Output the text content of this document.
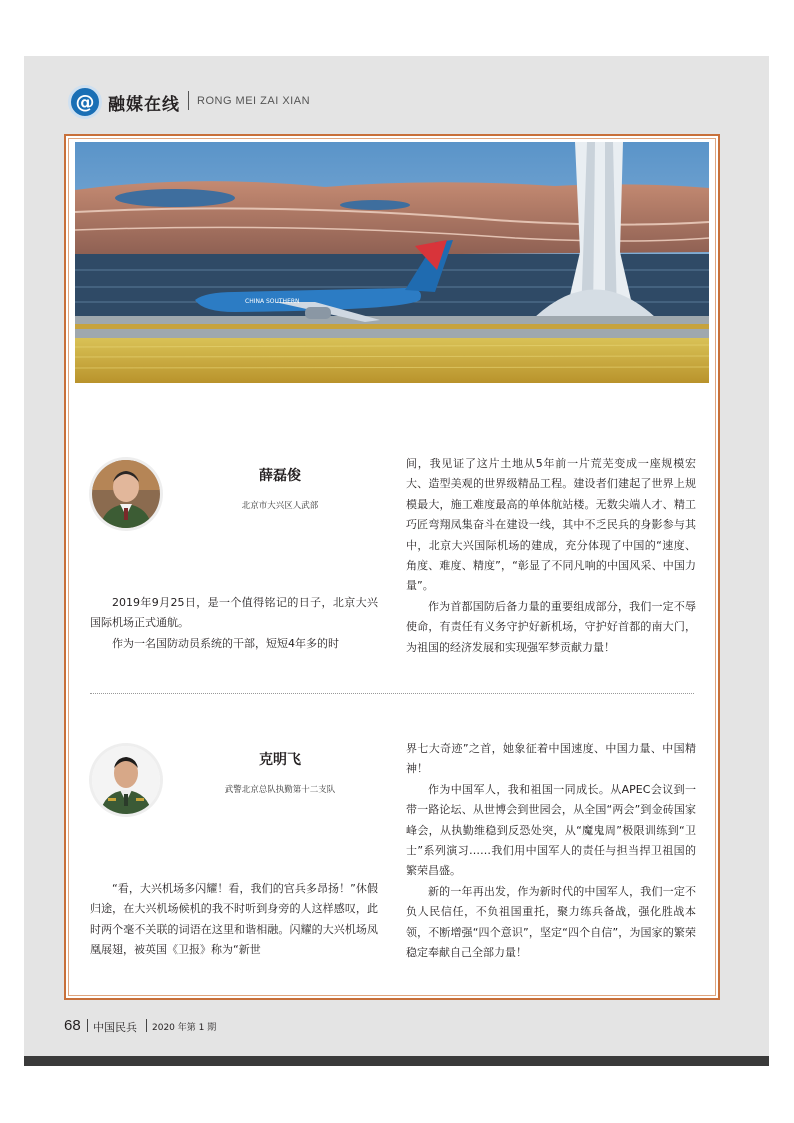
@ 融媒在线 RONG MEI ZAI XIAN
CHINA SOUTHERN
薛磊俊
北京市大兴区人武部

2019年9月25日，是一个值得铭记的日子，北京大兴国际机场正式通航。

作为一名国防动员系统的干部，短短4年多的时

间，我见证了这片土地从5年前一片荒芜变成一座规模宏大、造型美观的世界级精品工程。建设者们建起了世界上规模最大，施工难度最高的单体航站楼。无数尖端人才、精工巧匠弯翔凤集奋斗在建设一线，其中不乏民兵的身影参与其中，北京大兴国际机场的建成，充分体现了中国的“速度、角度、难度、精度”，“彰显了不同凡响的中国风采、中国力量”。

作为首都国防后备力量的重要组成部分，我们一定不辱使命，有责任有义务守护好新机场，守护好首都的南大门，为祖国的经济发展和实现强军梦贡献力量！

克明飞
武警北京总队执勤第十二支队

“看，大兴机场多闪耀！看，我们的官兵多昂扬！”休假归途，在大兴机场候机的我不时听到身旁的人这样感叹，此时两个毫不关联的词语在这里和谐相融。闪耀的大兴机场凤凰展翅，被英国《卫报》称为“新世

界七大奇迹”之首，她象征着中国速度、中国力量、中国精神！

作为中国军人，我和祖国一同成长。从APEC会议到一带一路论坛、从世博会到世园会，从全国“两会”到金砖国家峰会，从执勤维稳到反恐处突，从“魔鬼周”极限训练到“卫士”系列演习……我们用中国军人的责任与担当捍卫祖国的繁荣昌盛。

新的一年再出发，作为新时代的中国军人，我们一定不负人民信任，不负祖国重托，聚力练兵备战，强化胜战本领，不断增强“四个意识”，坚定“四个自信”，为国家的繁荣稳定奉献自己全部力量！

68 中国民兵 2020 年第 1 期
